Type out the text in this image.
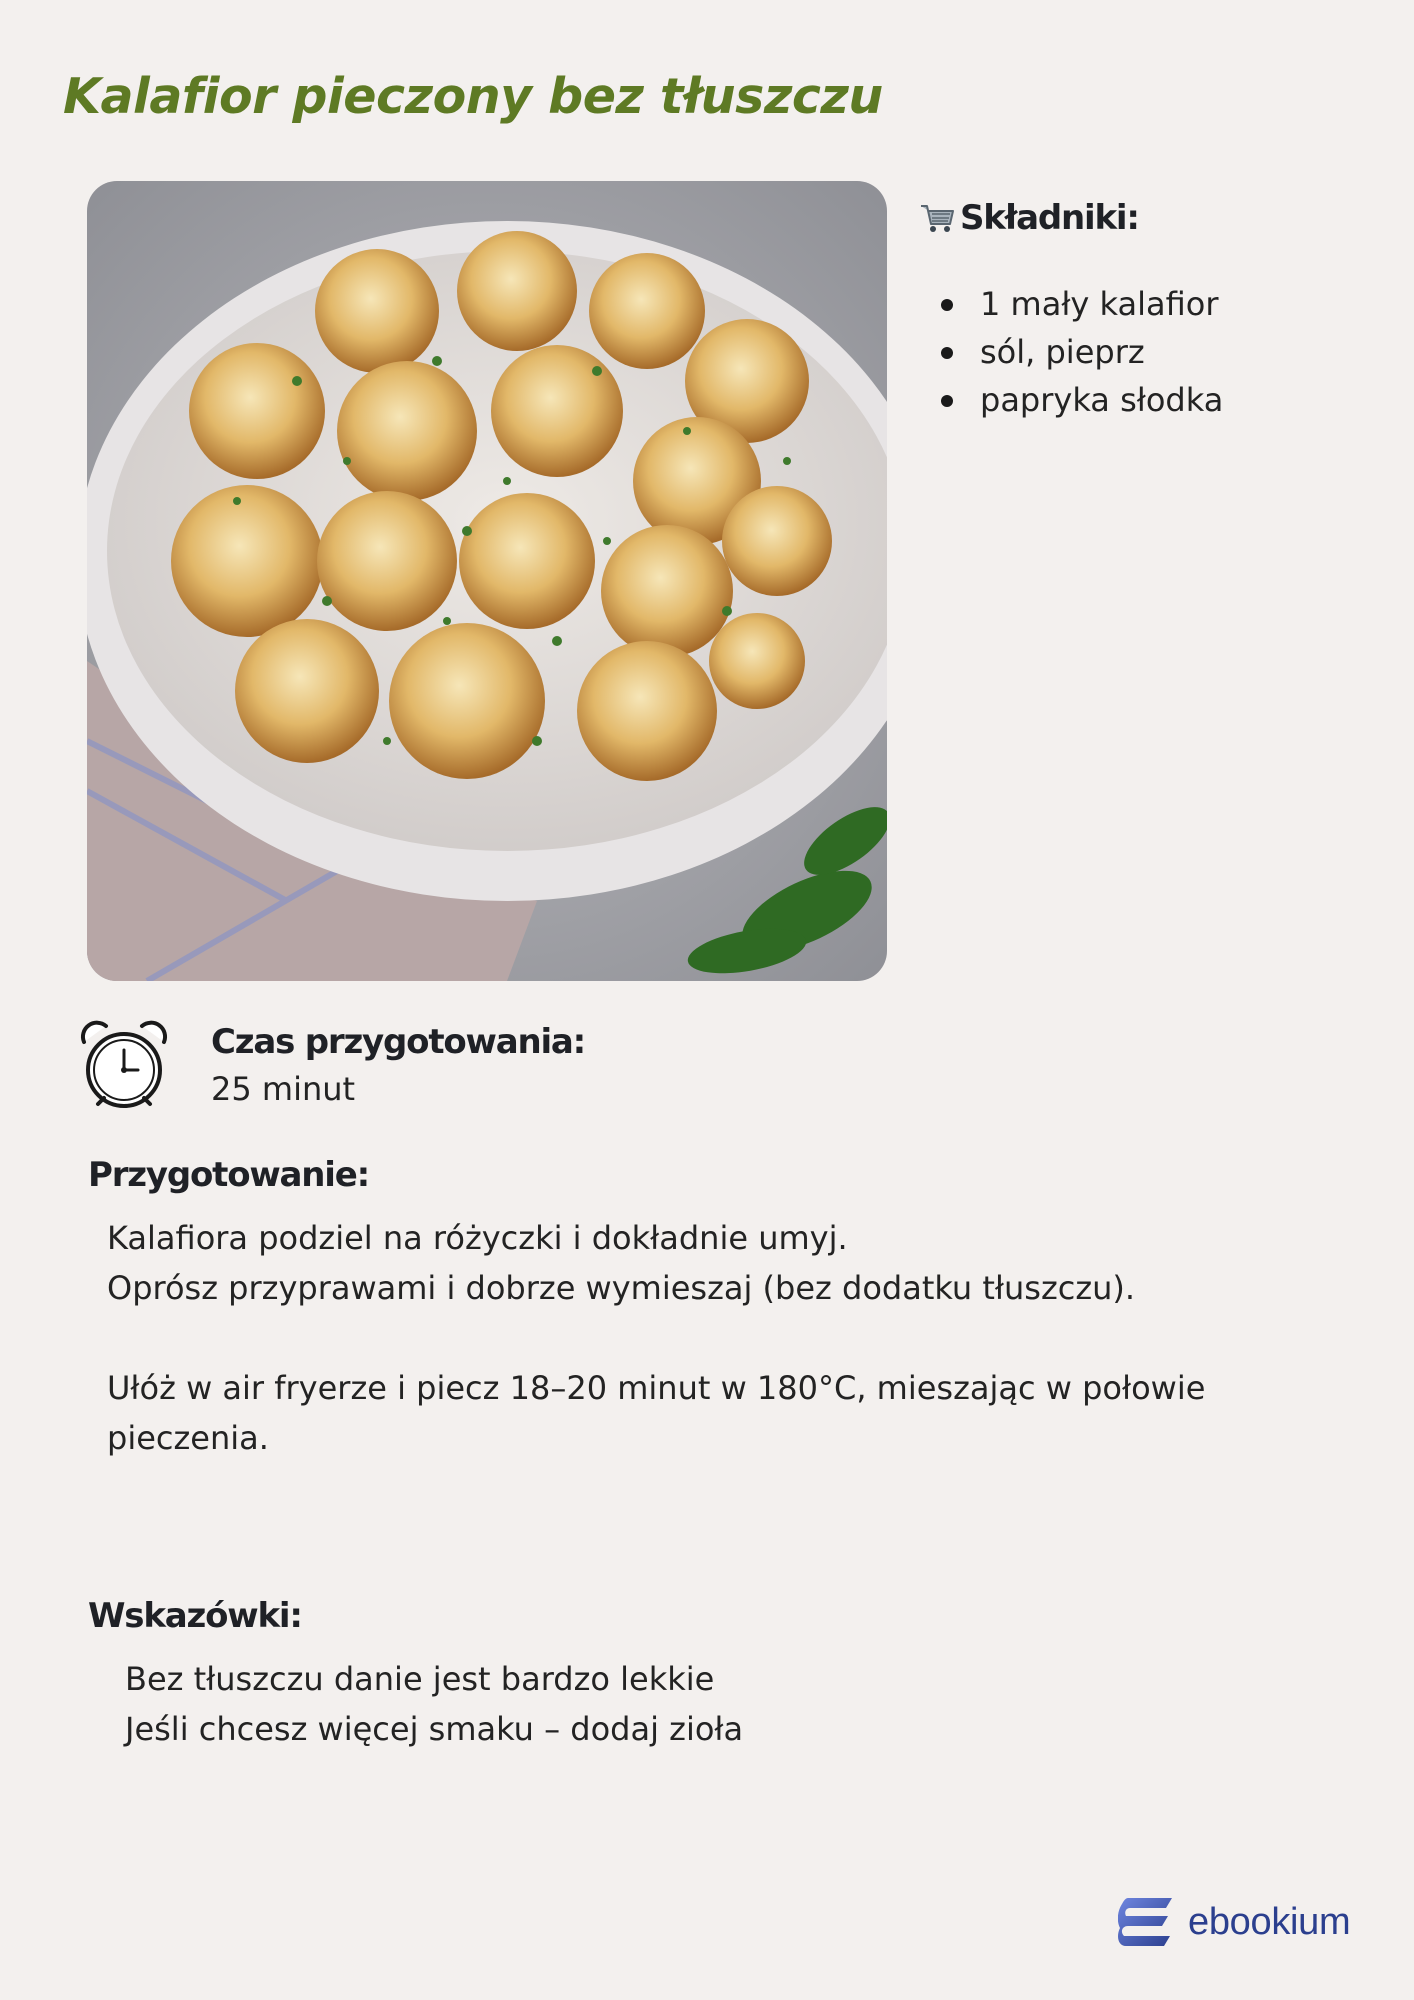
Kalafior pieczony bez tłuszczu
Składniki:
1 mały kalafior
sól, pieprz
papryka słodka
Czas przygotowania:
25 minut
Przygotowanie:
Kalafiora podziel na różyczki i dokładnie umyj.
Oprósz przyprawami i dobrze wymieszaj (bez dodatku tłuszczu).
Ułóż w air fryerze i piecz 18–20 minut w 180°C, mieszając w połowie
pieczenia.
Wskazówki:
Bez tłuszczu danie jest bardzo lekkie
Jeśli chcesz więcej smaku – dodaj zioła
ebookium
